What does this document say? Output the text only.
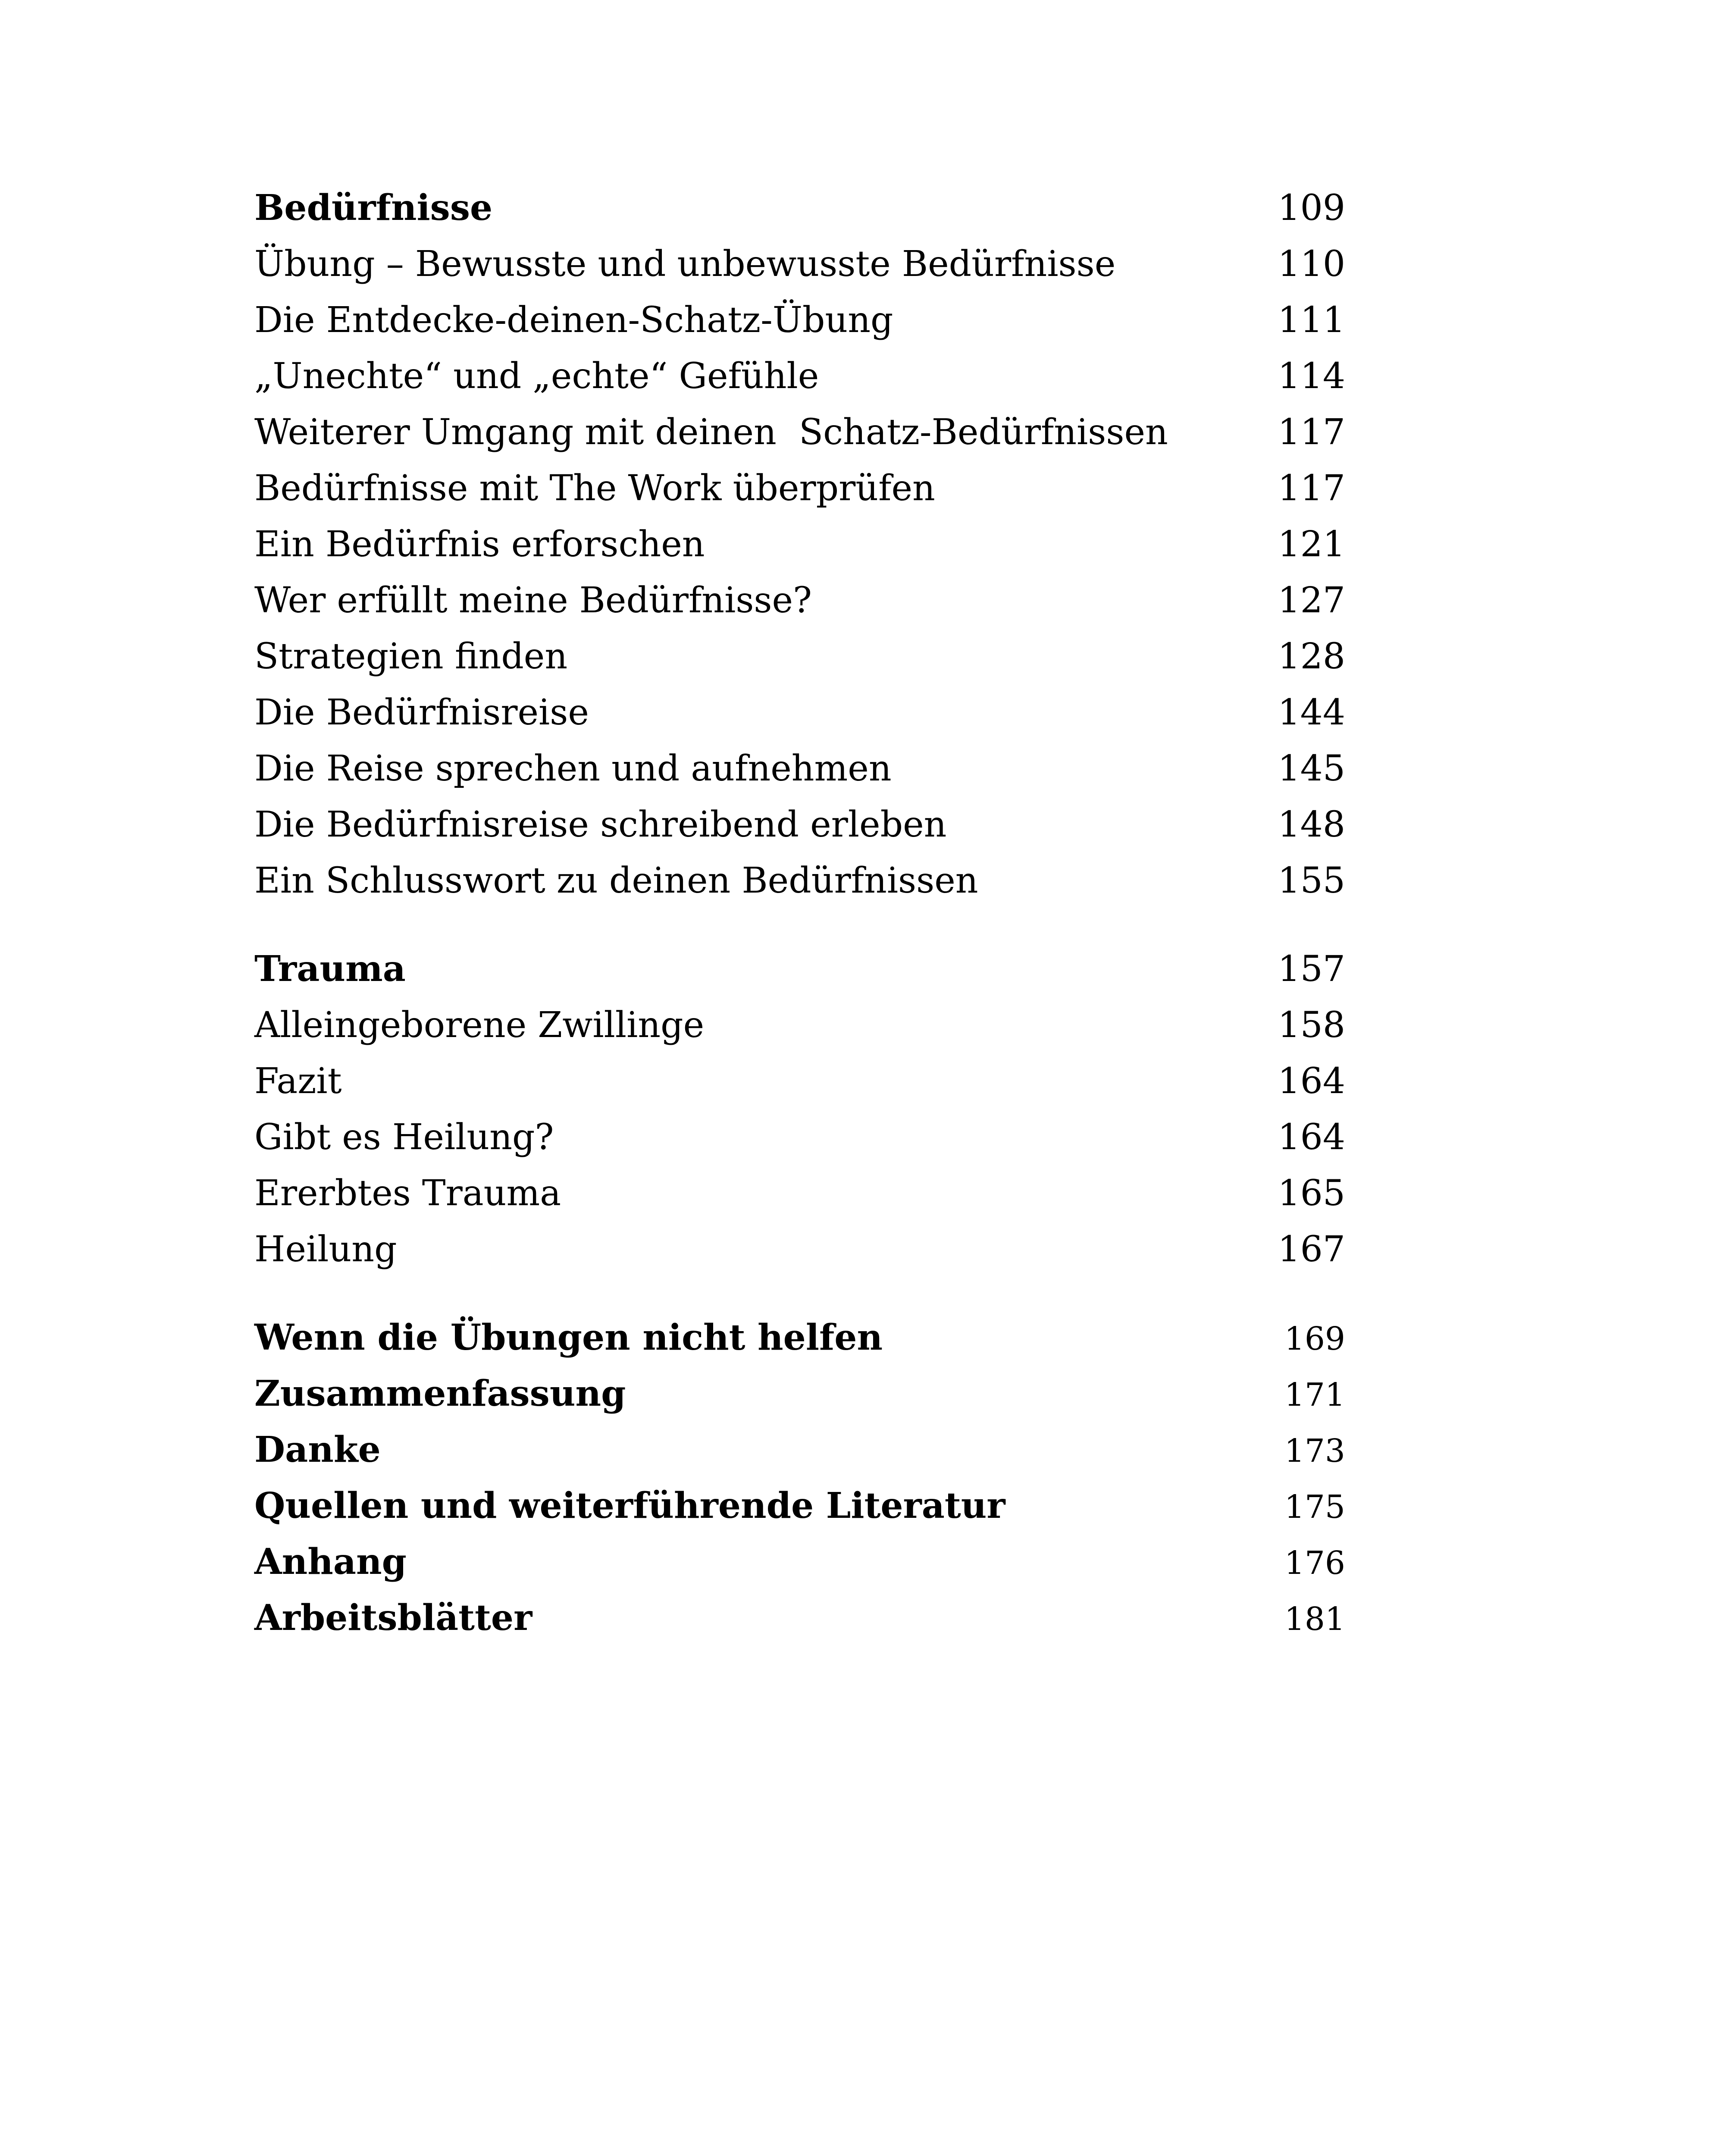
Bedürfnisse	109
Übung – Bewusste und unbewusste Bedürfnisse	110
Die Entdecke-deinen-Schatz-Übung	111
„Unechte“ und „echte“ Gefühle	114
Weiterer Umgang mit deinen  Schatz-Bedürfnissen	117
Bedürfnisse mit The Work überprüfen	117
Ein Bedürfnis erforschen	121
Wer erfüllt meine Bedürfnisse?	127
Strategien finden	128
Die Bedürfnisreise	144
Die Reise sprechen und aufnehmen	145
Die Bedürfnisreise schreibend erleben	148
Ein Schlusswort zu deinen Bedürfnissen	155
Trauma	157
Alleingeborene Zwillinge	158
Fazit	164
Gibt es Heilung?	164
Ererbtes Trauma	165
Heilung	167
Wenn die Übungen nicht helfen	169
Zusammenfassung	171
Danke	173
Quellen und weiterführende Literatur	175
Anhang	176
Arbeitsblätter	181
